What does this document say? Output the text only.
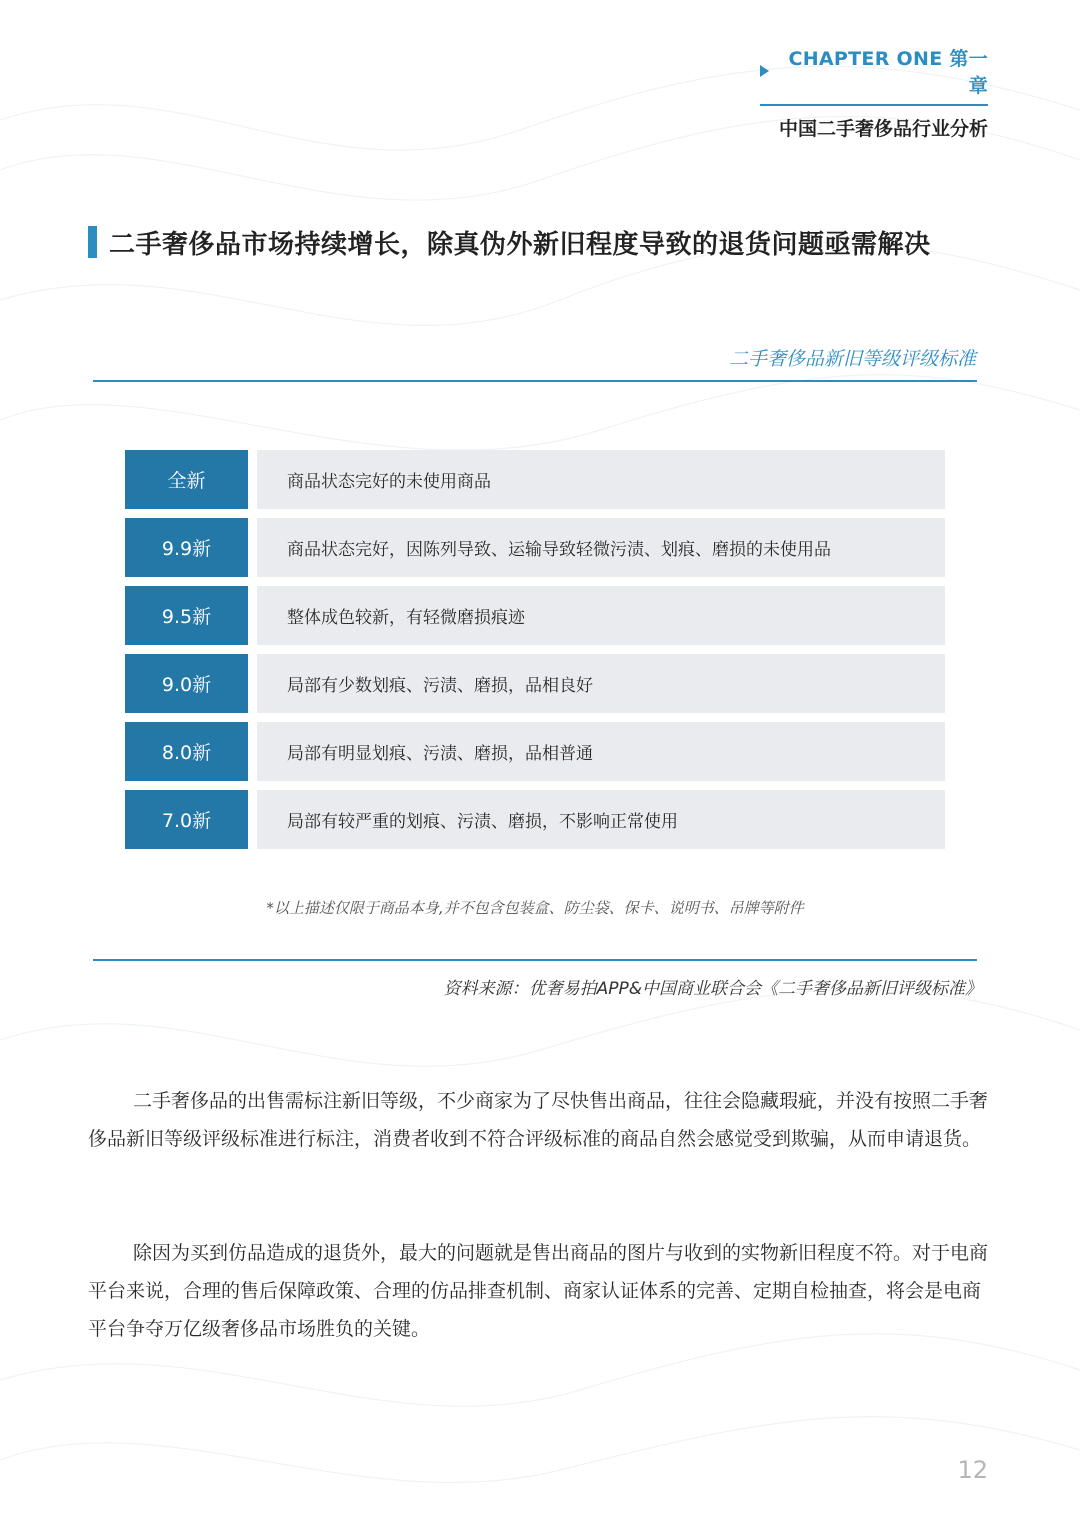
CHAPTER ONE 第一章
中国二手奢侈品行业分析
二手奢侈品市场持续增长，除真伪外新旧程度导致的退货问题亟需解决
二手奢侈品新旧等级评级标准
全新	商品状态完好的未使用商品
9.9新	商品状态完好，因陈列导致、运输导致轻微污渍、划痕、磨损的未使用品
9.5新	整体成色较新，有轻微磨损痕迹
9.0新	局部有少数划痕、污渍、磨损，品相良好
8.0新	局部有明显划痕、污渍、磨损，品相普通
7.0新	局部有较严重的划痕、污渍、磨损，不影响正常使用
*以上描述仅限于商品本身,并不包含包装盒、防尘袋、保卡、说明书、吊牌等附件
资料来源：优奢易拍APP&中国商业联合会《二手奢侈品新旧评级标准》

二手奢侈品的出售需标注新旧等级，不少商家为了尽快售出商品，往往会隐藏瑕疵，并没有按照二手奢侈品新旧等级评级标准进行标注，消费者收到不符合评级标准的商品自然会感觉受到欺骗，从而申请退货。

除因为买到仿品造成的退货外，最大的问题就是售出商品的图片与收到的实物新旧程度不符。对于电商平台来说，合理的售后保障政策、合理的仿品排查机制、商家认证体系的完善、定期自检抽查，将会是电商平台争夺万亿级奢侈品市场胜负的关键。

12
